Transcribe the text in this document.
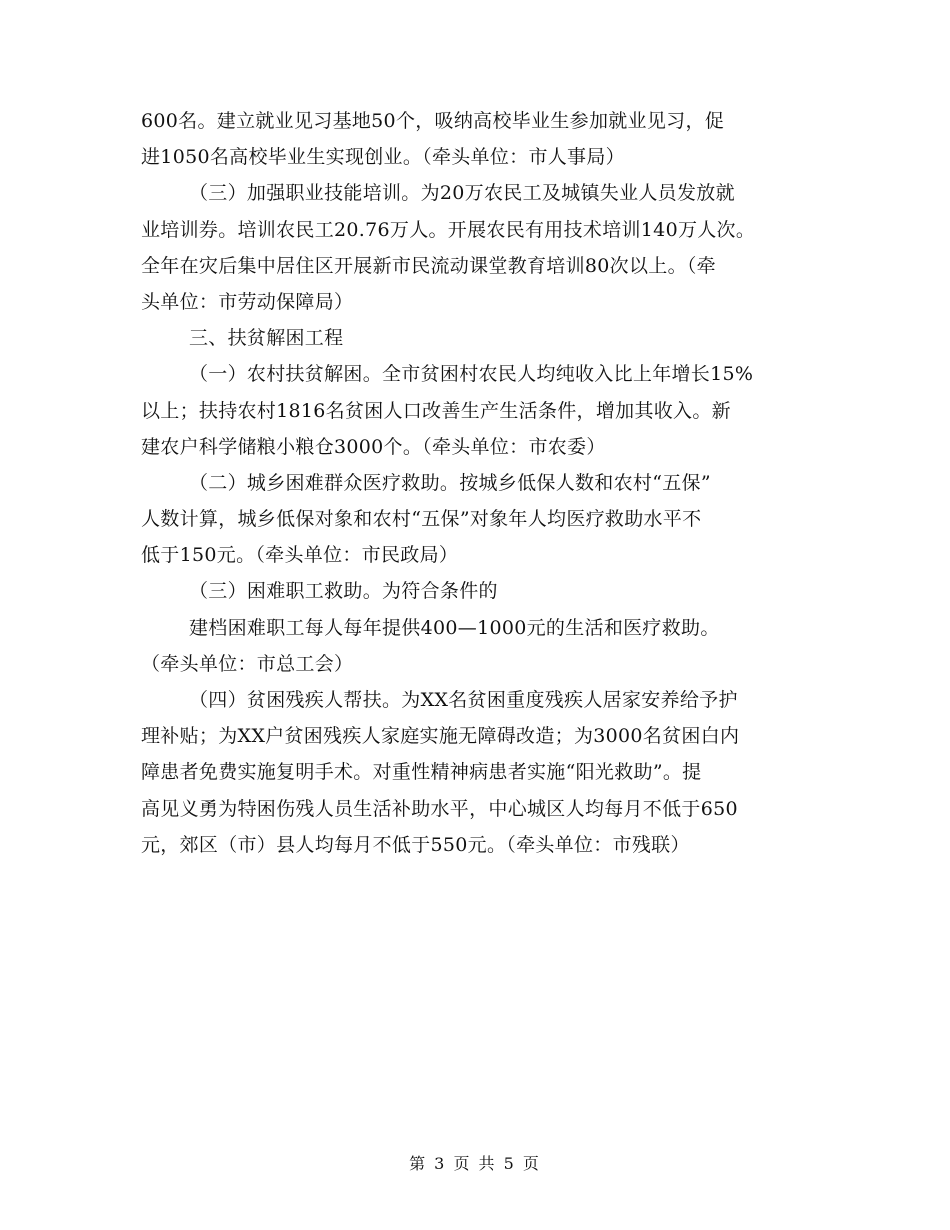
600名。建立就业见习基地50个，吸纳高校毕业生参加就业见习，促
进1050名高校毕业生实现创业。（牵头单位：市人事局）
（三）加强职业技能培训。为20万农民工及城镇失业人员发放就
业培训券。培训农民工20.76万人。开展农民有用技术培训140万人次。
全年在灾后集中居住区开展新市民流动课堂教育培训80次以上。（牵
头单位：市劳动保障局）
三、扶贫解困工程
（一）农村扶贫解困。全市贫困村农民人均纯收入比上年增长15%
以上；扶持农村1816名贫困人口改善生产生活条件，增加其收入。新
建农户科学储粮小粮仓3000个。（牵头单位：市农委）
（二）城乡困难群众医疗救助。按城乡低保人数和农村“五保”
人数计算，城乡低保对象和农村“五保”对象年人均医疗救助水平不
低于150元。（牵头单位：市民政局）
（三）困难职工救助。为符合条件的
建档困难职工每人每年提供400—1000元的生活和医疗救助。
（牵头单位：市总工会）
（四）贫困残疾人帮扶。为XX名贫困重度残疾人居家安养给予护
理补贴；为XX户贫困残疾人家庭实施无障碍改造；为3000名贫困白内
障患者免费实施复明手术。对重性精神病患者实施“阳光救助”。提
高见义勇为特困伤残人员生活补助水平，中心城区人均每月不低于650
元，郊区（市）县人均每月不低于550元。（牵头单位：市残联）
第 3 页 共 5 页
